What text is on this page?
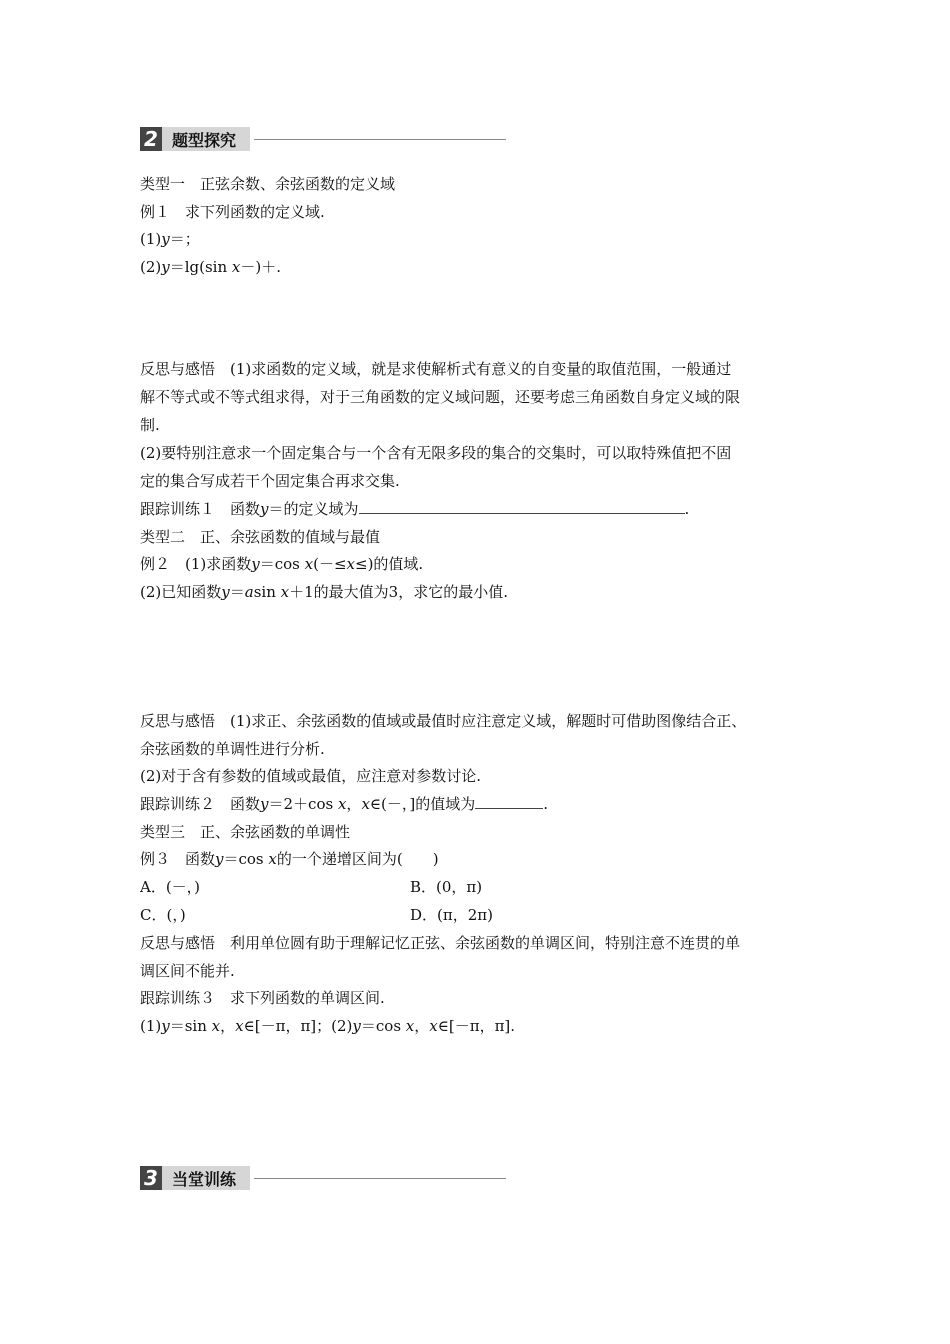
2 题型探究
类型一　正弦余数、余弦函数的定义域
例１　求下列函数的定义域.
(1)y＝；
(2)y＝lg(sin x－)＋.
反思与感悟　(1)求函数的定义域，就是求使解析式有意义的自变量的取值范围，一般通过
解不等式或不等式组求得，对于三角函数的定义域问题，还要考虑三角函数自身定义域的限
制.
(2)要特别注意求一个固定集合与一个含有无限多段的集合的交集时，可以取特殊值把不固
定的集合写成若干个固定集合再求交集.
跟踪训练１　函数y＝的定义域为	.
类型二　正、余弦函数的值域与最值
例２　(1)求函数y＝cos x(－≤x≤)的值域.
(2)已知函数y＝asin x＋1的最大值为3，求它的最小值.
反思与感悟　(1)求正、余弦函数的值域或最值时应注意定义域，解题时可借助图像结合正、
余弦函数的单调性进行分析.
(2)对于含有参数的值域或最值，应注意对参数讨论.
跟踪训练２　函数y＝2＋cos x，x∈(－，]的值域为	.
类型三　正、余弦函数的单调性
例３　函数y＝cos x的一个递增区间为(　　)
A．(－，)	B．(0，π)
C．(，)	D．(π，2π)
反思与感悟　利用单位圆有助于理解记忆正弦、余弦函数的单调区间，特别注意不连贯的单
调区间不能并.
跟踪训练３　求下列函数的单调区间.
(1)y＝sin x，x∈[－π，π]；(2)y＝cos x，x∈[－π，π].
3 当堂训练
